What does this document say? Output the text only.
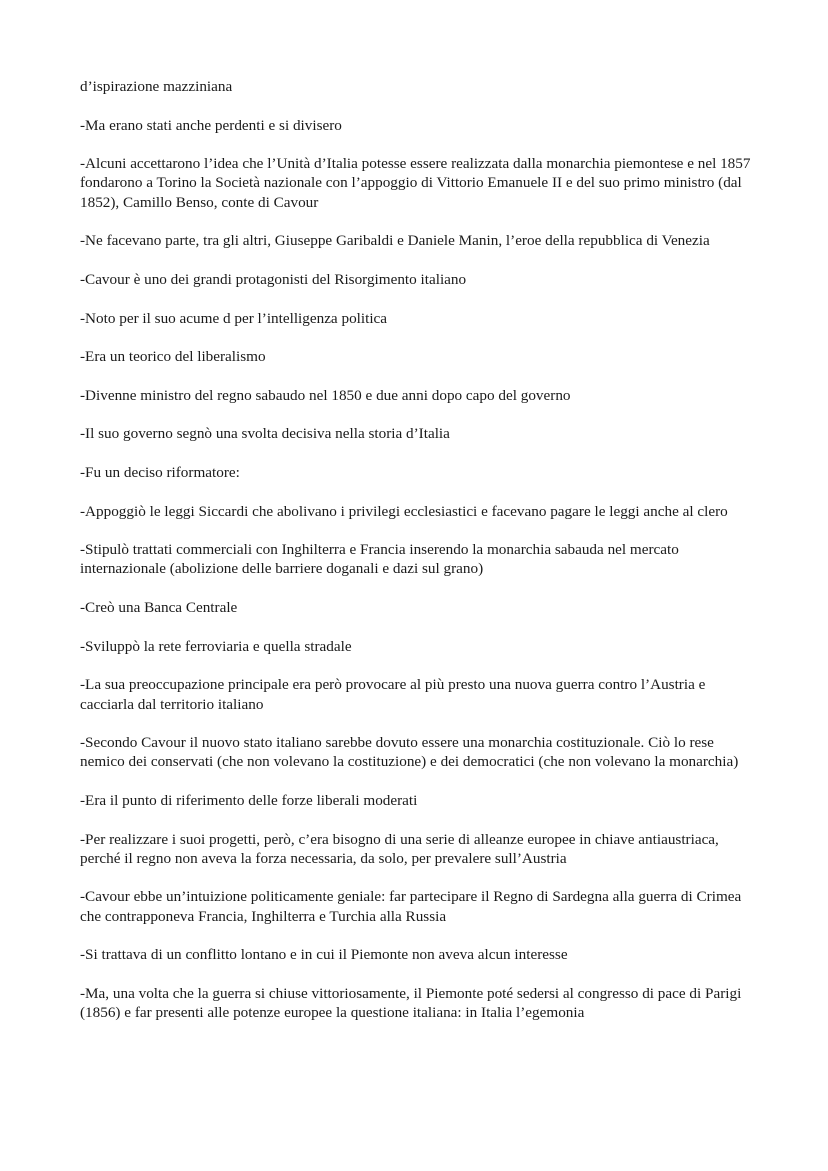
d’ispirazione mazziniana

-Ma erano stati anche perdenti e si divisero

-Alcuni accettarono l’idea che l’Unità d’Italia potesse essere realizzata dalla monarchia piemontese e nel 1857 fondarono a Torino la Società nazionale con l’appoggio di Vittorio Emanuele II e del suo primo ministro (dal 1852), Camillo Benso, conte di Cavour

-Ne facevano parte, tra gli altri, Giuseppe Garibaldi e Daniele Manin, l’eroe della repubblica di Venezia

-Cavour è uno dei grandi protagonisti del Risorgimento italiano

-Noto per il suo acume d per l’intelligenza politica

-Era un teorico del liberalismo

-Divenne ministro del regno sabaudo nel 1850 e due anni dopo capo del governo

-Il suo governo segnò una svolta decisiva nella storia d’Italia

-Fu un deciso riformatore:

-Appoggiò le leggi Siccardi che abolivano i privilegi ecclesiastici e facevano pagare le leggi anche al clero

-Stipulò trattati commerciali con Inghilterra e Francia inserendo la monarchia sabauda nel mercato internazionale (abolizione delle barriere doganali e dazi sul grano)

-Creò una Banca Centrale

-Sviluppò la rete ferroviaria e quella stradale

-La sua preoccupazione principale era però provocare al più presto una nuova guerra contro l’Austria e cacciarla dal territorio italiano

-Secondo Cavour il nuovo stato italiano sarebbe dovuto essere una monarchia costituzionale. Ciò lo rese nemico dei conservati (che non volevano la costituzione) e dei democratici (che non volevano la monarchia)

-Era il punto di riferimento delle forze liberali moderati

-Per realizzare i suoi progetti, però, c’era bisogno di una serie di alleanze europee in chiave antiaustriaca, perché il regno non aveva la forza necessaria, da solo, per prevalere sull’Austria

-Cavour ebbe un’intuizione politicamente geniale: far partecipare il Regno di Sardegna alla guerra di Crimea che contrapponeva Francia, Inghilterra e Turchia alla Russia

-Si trattava di un conflitto lontano e in cui il Piemonte non aveva alcun interesse

-Ma, una volta che la guerra si chiuse vittoriosamente, il Piemonte poté sedersi al congresso di pace di Parigi (1856) e far presenti alle potenze europee la questione italiana: in Italia l’egemonia
